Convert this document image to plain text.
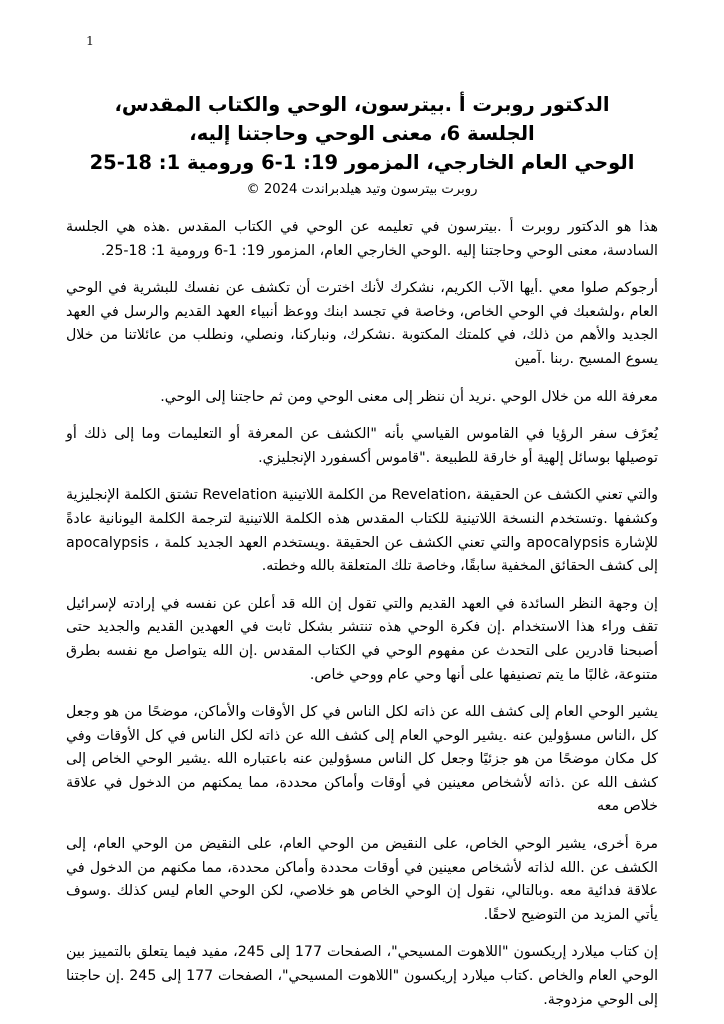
1
الدكتور روبرت أ .بيترسون، الوحي والكتاب المقدس،
الجلسة 6، معنى الوحي وحاجتنا إليه،
الوحي العام الخارجي، المزمور 19: 1-6 ورومية 1: 18-25
روبرت بيترسون وتيد هيلدبراندت 2024 ©

هذا هو الدكتور روبرت أ .بيترسون في تعليمه عن الوحي في الكتاب المقدس .هذه هي الجلسة السادسة، معنى الوحي وحاجتنا إليه .الوحي الخارجي العام، المزمور 19: 1-6 ورومية 1: 18-25.

أرجوكم صلوا معي .أيها الآب الكريم، نشكرك لأنك اخترت أن تكشف عن نفسك للبشرية في الوحي العام ،ولشعبك في الوحي الخاص، وخاصة في تجسد ابنك ووعظ أنبياء العهد القديم والرسل في العهد الجديد والأهم من ذلك، في كلمتك المكتوبة .نشكرك، ونباركنا، ونصلي، ونطلب من عائلاتنا من خلال يسوع المسيح .ربنا .آمين

معرفة الله من خلال الوحي .نريد أن ننظر إلى معنى الوحي ومن ثم حاجتنا إلى الوحي.

يُعرًف سفر الرؤيا في القاموس القياسي بأنه "الكشف عن المعرفة أو التعليمات وما إلى ذلك أو توصيلها بوسائل إلهية أو خارقة للطبيعة ."قاموس أكسفورد الإنجليزي.

والتي تعني الكشف عن الحقيقة ،Revelation من الكلمة اللاتينية Revelation تشتق الكلمة الإنجليزية وكشفها .وتستخدم النسخة اللاتينية للكتاب المقدس هذه الكلمة اللاتينية لترجمة الكلمة اليونانية عادةً للإشارة apocalypsis والتي تعني الكشف عن الحقيقة .ويستخدم العهد الجديد كلمة ، apocalypsis إلى كشف الحقائق المخفية سابقًا، وخاصة تلك المتعلقة بالله وخطته.

إن وجهة النظر السائدة في العهد القديم والتي تقول إن الله قد أعلن عن نفسه في إرادته لإسرائيل تقف وراء هذا الاستخدام .إن فكرة الوحي هذه تنتشر بشكل ثابت في العهدين القديم والجديد حتى أصبحنا قادرين على التحدث عن مفهوم الوحي في الكتاب المقدس .إن الله يتواصل مع نفسه بطرق متنوعة، غالبًا ما يتم تصنيفها على أنها وحي عام ووحي خاص.

يشير الوحي العام إلى كشف الله عن ذاته لكل الناس في كل الأوقات والأماكن، موضحًا من هو وجعل كل ،الناس مسؤولين عنه .يشير الوحي العام إلى كشف الله عن ذاته لكل الناس في كل الأوقات وفي كل مكان موضحًا من هو جزئيًا وجعل كل الناس مسؤولين عنه باعتباره الله .يشير الوحي الخاص إلى كشف الله عن .ذاته لأشخاص معينين في أوقات وأماكن محددة، مما يمكنهم من الدخول في علاقة خلاص معه

مرة أخرى، يشير الوحي الخاص، على النقيض من الوحي العام، على النقيض من الوحي العام، إلى الكشف عن .الله لذاته لأشخاص معينين في أوقات محددة وأماكن محددة، مما مكنهم من الدخول في علاقة فدائية معه .وبالتالي، نقول إن الوحي الخاص هو خلاصي، لكن الوحي العام ليس كذلك .وسوف يأتي المزيد من التوضيح لاحقًا.

إن كتاب ميلارد إريكسون "اللاهوت المسيحي"، الصفحات 177 إلى 245، مفيد فيما يتعلق بالتمييز بين الوحي العام والخاص .كتاب ميلارد إريكسون "اللاهوت المسيحي"، الصفحات 177 إلى 245 .إن حاجتنا إلى الوحي مزدوجة.
